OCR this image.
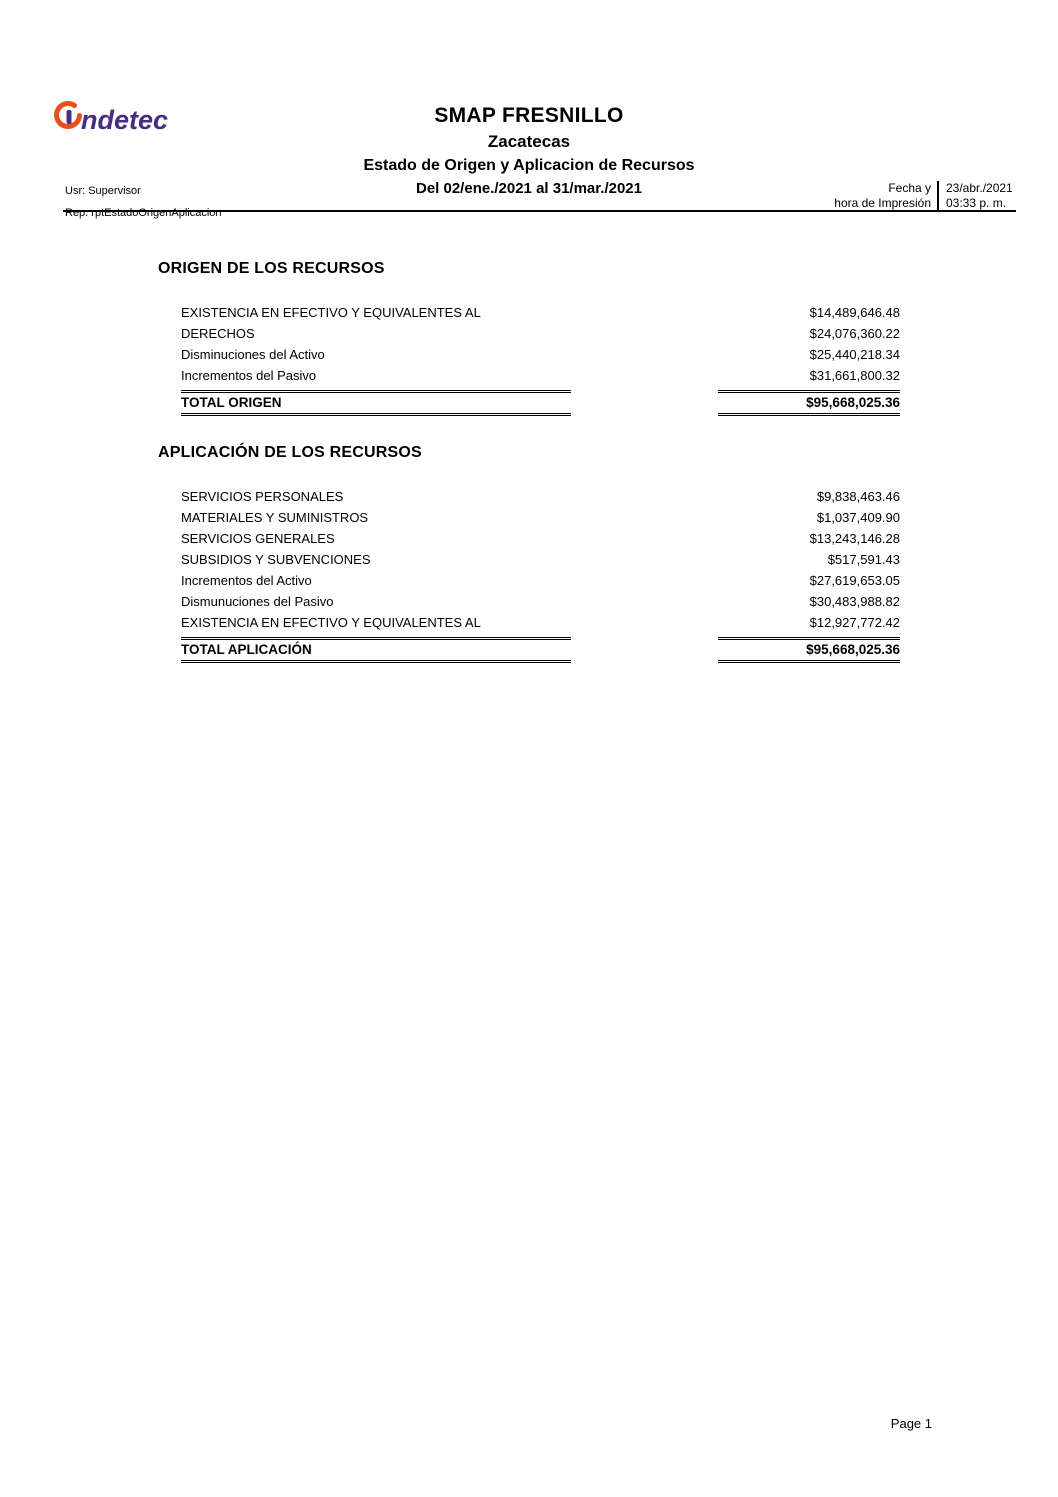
ndetec	SMAP FRESNILLO
Zacatecas
Estado de Origen y Aplicacion de Recursos
Del 02/ene./2021 al 31/mar./2021
Usr: Supervisor
Rep: rptEstadoOrigenAplicacion
Fecha y
hora de Impresión
23/abr./2021
03:33 p. m.
ORIGEN DE LOS RECURSOS
EXISTENCIA EN EFECTIVO Y EQUIVALENTES AL	$14,489,646.48
DERECHOS	$24,076,360.22
Disminuciones del Activo	$25,440,218.34
Incrementos del Pasivo	$31,661,800.32
TOTAL ORIGEN	$95,668,025.36
APLICACIÓN DE LOS RECURSOS
SERVICIOS PERSONALES	$9,838,463.46
MATERIALES Y SUMINISTROS	$1,037,409.90
SERVICIOS GENERALES	$13,243,146.28
SUBSIDIOS Y SUBVENCIONES	$517,591.43
Incrementos del Activo	$27,619,653.05
Dismunuciones del Pasivo	$30,483,988.82
EXISTENCIA EN EFECTIVO Y EQUIVALENTES AL	$12,927,772.42
TOTAL APLICACIÓN	$95,668,025.36
Page 1
